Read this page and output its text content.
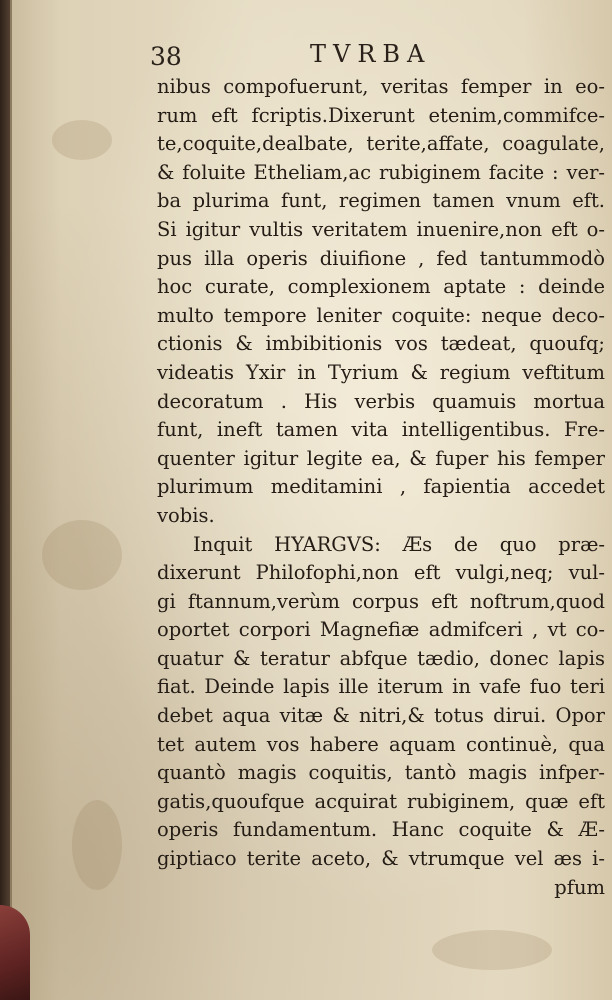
38	TVRBA
nibus compofuerunt, veritas femper in eo-
rum eft fcriptis.Dixerunt etenim,commifce-
te,coquite,dealbate, terite,affate, coagulate,
& foluite Etheliam,ac rubiginem facite : ver-
ba plurima funt, regimen tamen vnum eft.
Si igitur vultis veritatem inuenire,non eft o-
pus illa operis diuifione , fed tantummodò
hoc curate, complexionem aptate : deinde
multo tempore leniter coquite: neque deco-
ctionis & imbibitionis vos tædeat, quoufq;
videatis Yxir in Tyrium & regium veftitum
decoratum . His verbis quamuis mortua
funt, ineft tamen vita intelligentibus. Fre-
quenter igitur legite ea, & fuper his femper
plurimum meditamini , fapientia accedet
vobis.
Inquit HYARGVS: Æs de quo præ-
dixerunt Philofophi,non eft vulgi,neq; vul-
gi ftannum,verùm corpus eft noftrum,quod
oportet corpori Magnefiæ admifceri , vt co-
quatur & teratur abfque tædio, donec lapis
fiat. Deinde lapis ille iterum in vafe fuo teri
debet aqua vitæ & nitri,& totus dirui. Opor
tet autem vos habere aquam continuè, qua
quantò magis coquitis, tantò magis infper-
gatis,quoufque acquirat rubiginem, quæ eft
operis fundamentum. Hanc coquite & Æ-
giptiaco terite aceto, & vtrumque vel æs i-
pfum
